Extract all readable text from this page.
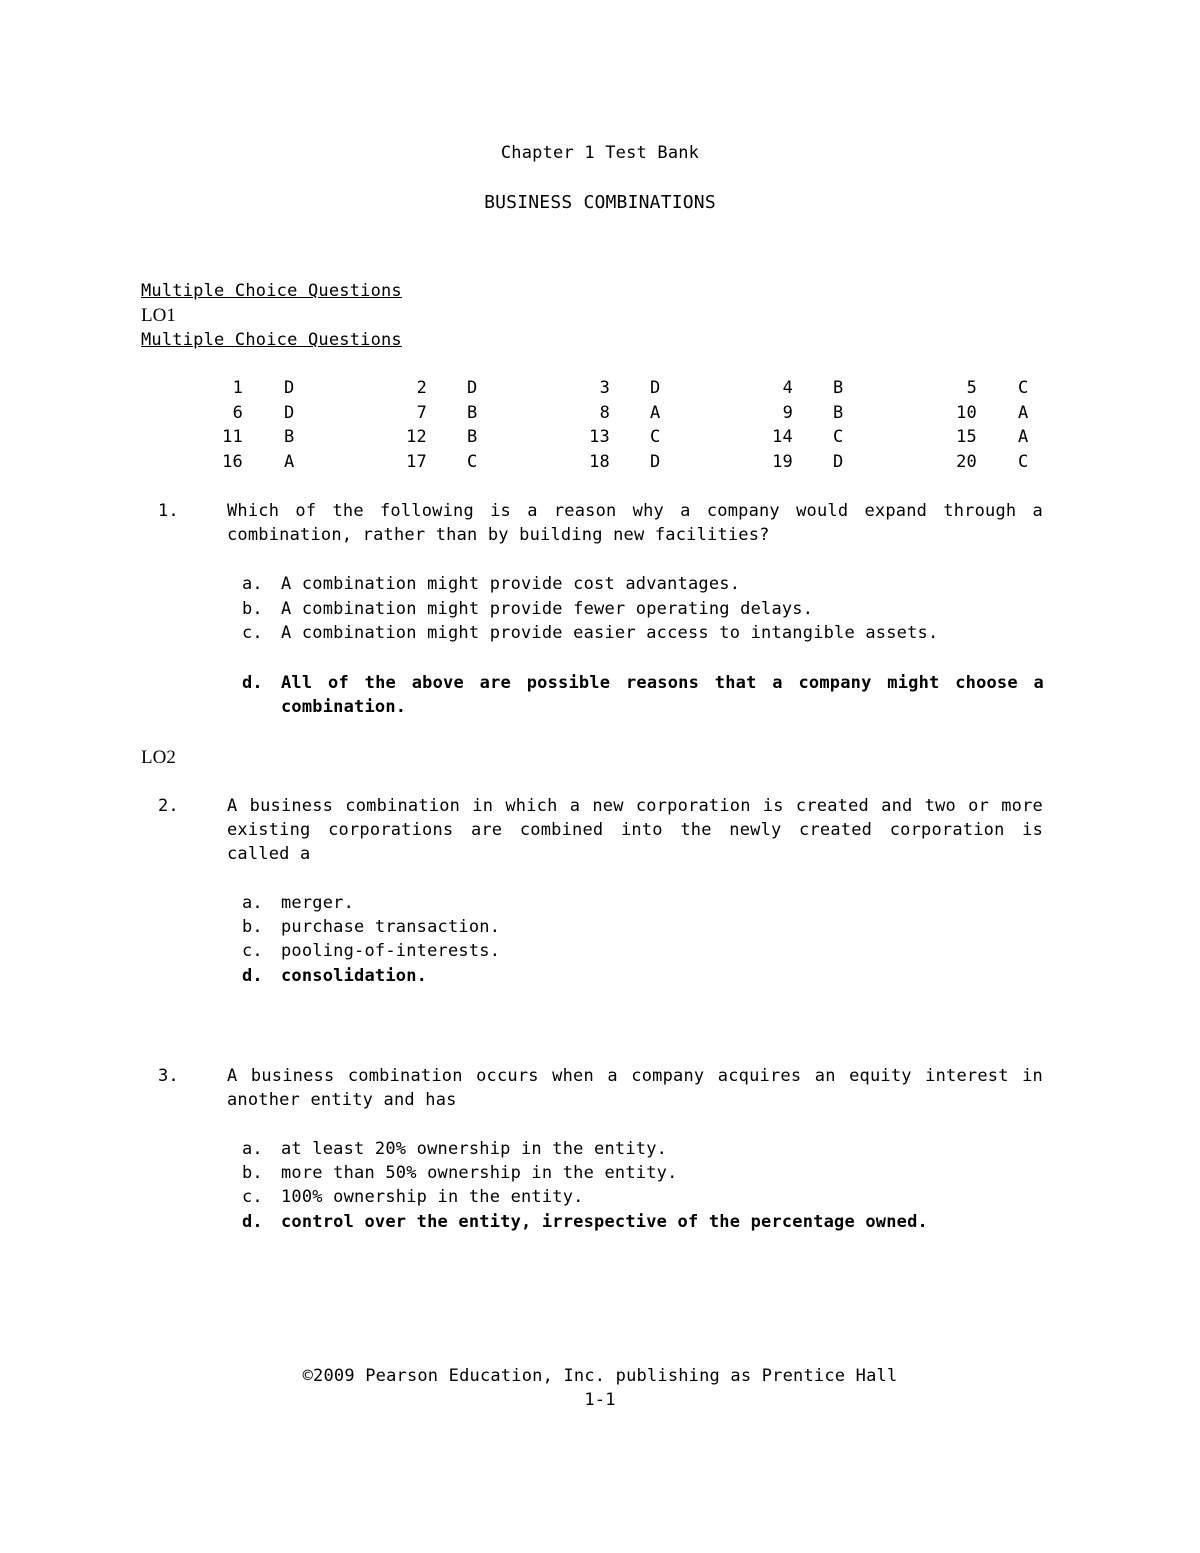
Chapter 1 Test Bank
BUSINESS COMBINATIONS
Multiple Choice Questions
LO1
Multiple Choice Questions
1 D	2 D	3 D	4 B	5 C
6 D	7 B	8 A	9 B	10 A
11 B	12 B	13 C	14 C	15 A
16 A	17 C	18 D	19 D	20 C
1.	Which of the following is a reason why a company would expand through a combination, rather than by building new facilities?
a. A combination might provide cost advantages.
b. A combination might provide fewer operating delays.
c. A combination might provide easier access to intangible assets.
d. All of the above are possible reasons that a company might choose a combination.
LO2
2.	A business combination in which a new corporation is created and two or more existing corporations are combined into the newly created corporation is called a
a. merger.
b. purchase transaction.
c. pooling-of-interests.
d. consolidation.
3.	A business combination occurs when a company acquires an equity interest in another entity and has
a. at least 20% ownership in the entity.
b. more than 50% ownership in the entity.
c. 100% ownership in the entity.
d. control over the entity, irrespective of the percentage owned.
©2009 Pearson Education, Inc. publishing as Prentice Hall
1-1
